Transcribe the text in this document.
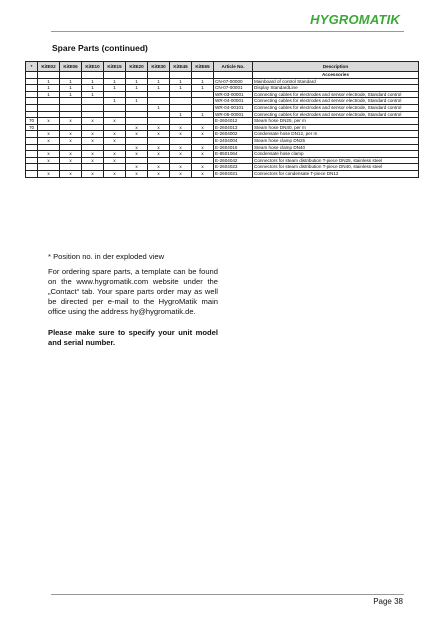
HYGROMATIK
Spare Parts (continued)
*	KitE02	KitE06	KitE10	KitE15	KitE20	KitE30	KitE45	KitE65	Article No.	Description
										Accessories
	1	1	1	1	1	1	1	1	CN-07-00000	Mainboard of control Standard
	1	1	1	1	1	1	1	1	CN-07-00001	Display StandardLine
	1	1	1						WR-03-00001	Connecting cables for electrodes and sensor electrode, Standard control
				1	1				WR-04-00001	Connecting cables for electrodes and sensor electrode, Standard control
						1			WR-04-00101	Connecting cables for electrodes and sensor electrode, Standard control
							1	1	WR-06-00001	Connecting cables for electrodes and sensor electrode, Standard control
70	x	x	x	x					E-2604012	Steam hose DN25, per m
70					x	x	x	x	E-2604013	Steam hose DN40, per m
	x	x	x	x	x	x	x	x	E-2604002	Condensate hose DN12, per m
	x	x	x	x					E-2404004	Steam hose clamp DN25
					x	x	x	x	E-2604016	Steam hose clamp DN40
	x	x	x	x	x	x	x	x	E-8501064	Condensate hose clamp
	x	x	x	x					E-2604042	Connectors for steam distribution T-piece DN25, stainless steel
					x	x	x	x	E-2604023	Connectors for steam distribution T-piece DN40, stainless steel
	x	x	x	x	x	x	x	x	E-2604021	Connectors for condensate T-piece DN12
* Position no. in der exploded view
For ordering spare parts, a template can be found on the www.hygromatik.com website under the „Contact“ tab. Your spare parts order may as well be directed per e-mail to the HygroMatik main office using the address hy@hygromatik.de.
Please make sure to specify your unit model and serial number.
Page 38
